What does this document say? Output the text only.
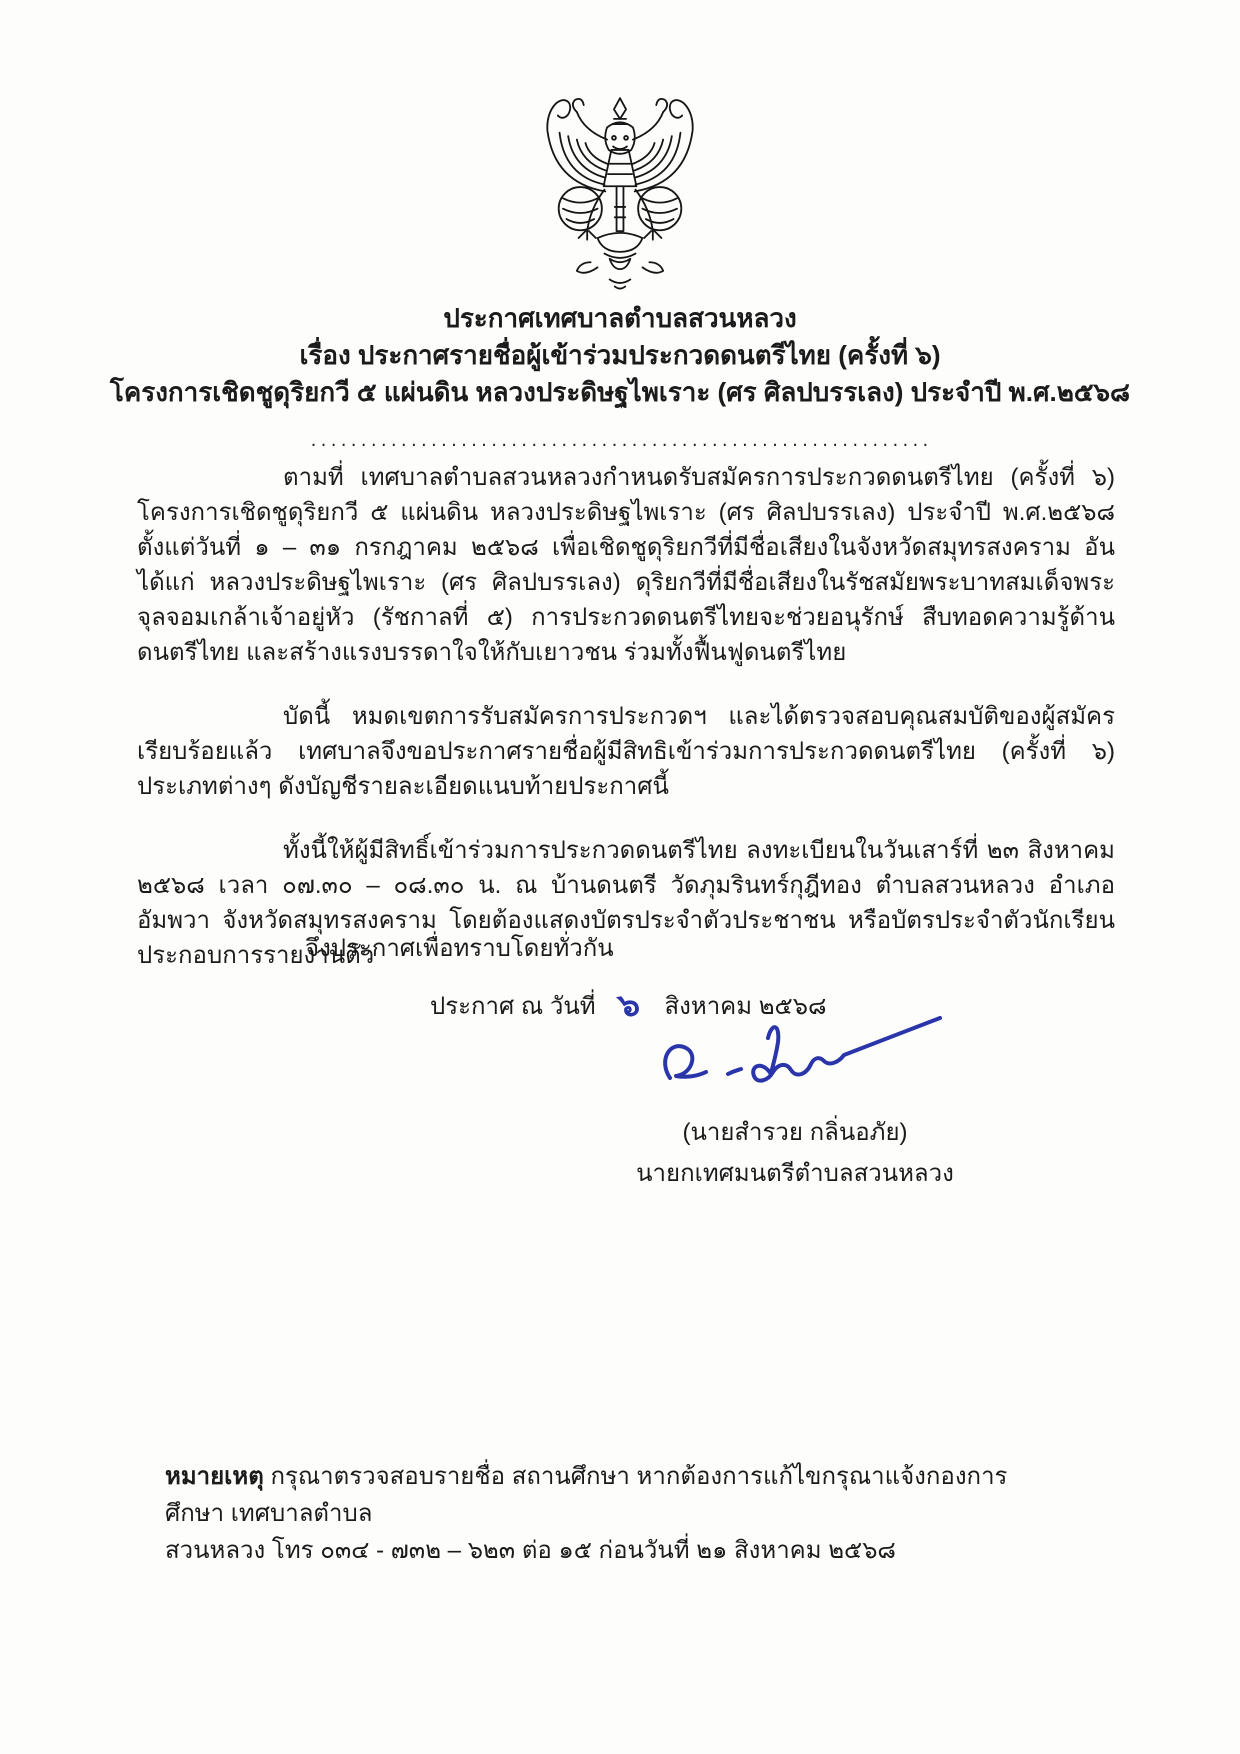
ประกาศเทศบาลตำบลสวนหลวง
เรื่อง ประกาศรายชื่อผู้เข้าร่วมประกวดดนตรีไทย (ครั้งที่ ๖)
โครงการเชิดชูดุริยกวี ๕ แผ่นดิน หลวงประดิษฐไพเราะ (ศร ศิลปบรรเลง) ประจำปี พ.ศ.๒๕๖๘
..............................................................

ตามที่ เทศบาลตำบลสวนหลวงกำหนดรับสมัครการประกวดดนตรีไทย (ครั้งที่ ๖) โครงการเชิดชูดุริยกวี ๕ แผ่นดิน หลวงประดิษฐไพเราะ (ศร ศิลปบรรเลง) ประจำปี พ.ศ.๒๕๖๘ ตั้งแต่วันที่ ๑ – ๓๑ กรกฎาคม ๒๕๖๘ เพื่อเชิดชูดุริยกวีที่มีชื่อเสียงในจังหวัดสมุทรสงคราม อันได้แก่ หลวงประดิษฐไพเราะ (ศร ศิลปบรรเลง) ดุริยกวีที่มีชื่อเสียงในรัชสมัยพระบาทสมเด็จพระจุลจอมเกล้าเจ้าอยู่หัว (รัชกาลที่ ๕) การประกวดดนตรีไทยจะช่วยอนุรักษ์ สืบทอดความรู้ด้านดนตรีไทย และสร้างแรงบรรดาใจให้กับเยาวชน ร่วมทั้งฟื้นฟูดนตรีไทย

บัดนี้ หมดเขตการรับสมัครการประกวดฯ และได้ตรวจสอบคุณสมบัติของผู้สมัครเรียบร้อยแล้ว เทศบาลจึงขอประกาศรายชื่อผู้มีสิทธิเข้าร่วมการประกวดดนตรีไทย (ครั้งที่ ๖) ประเภทต่างๆ ดังบัญชีรายละเอียดแนบท้ายประกาศนี้

ทั้งนี้ให้ผู้มีสิทธิ์เข้าร่วมการประกวดดนตรีไทย ลงทะเบียนในวันเสาร์ที่ ๒๓ สิงหาคม ๒๕๖๘ เวลา ๐๗.๓๐ – ๐๘.๓๐ น. ณ บ้านดนตรี วัดภุมรินทร์กุฎีทอง ตำบลสวนหลวง อำเภออัมพวา จังหวัดสมุทรสงคราม โดยต้องแสดงบัตรประจำตัวประชาชน หรือบัตรประจำตัวนักเรียน ประกอบการรายงานตัว

จึงประกาศเพื่อทราบโดยทั่วกัน
ประกาศ ณ วันที่ ๖ สิงหาคม ๒๕๖๘
(นายสำรวย กลิ่นอภัย)
นายกเทศมนตรีตำบลสวนหลวง
หมายเหตุ กรุณาตรวจสอบรายชื่อ สถานศึกษา หากต้องการแก้ไขกรุณาแจ้งกองการศึกษา เทศบาลตำบล
สวนหลวง โทร ๐๓๔ - ๗๓๒ – ๖๒๓ ต่อ ๑๕ ก่อนวันที่ ๒๑ สิงหาคม ๒๕๖๘
